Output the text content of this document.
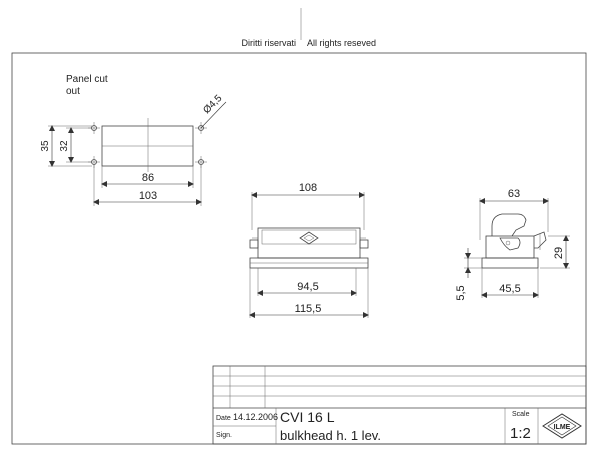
Diritti riservati All rights reseved
Panel cut
out
Ø4,5
35 32
86
103
108
94,5
115,5
63
29
5,5	45,5
Date 14.12.2006
Sign.
CVI 16 L
bulkhead h. 1 lev.
Scale
1:2	ILME
